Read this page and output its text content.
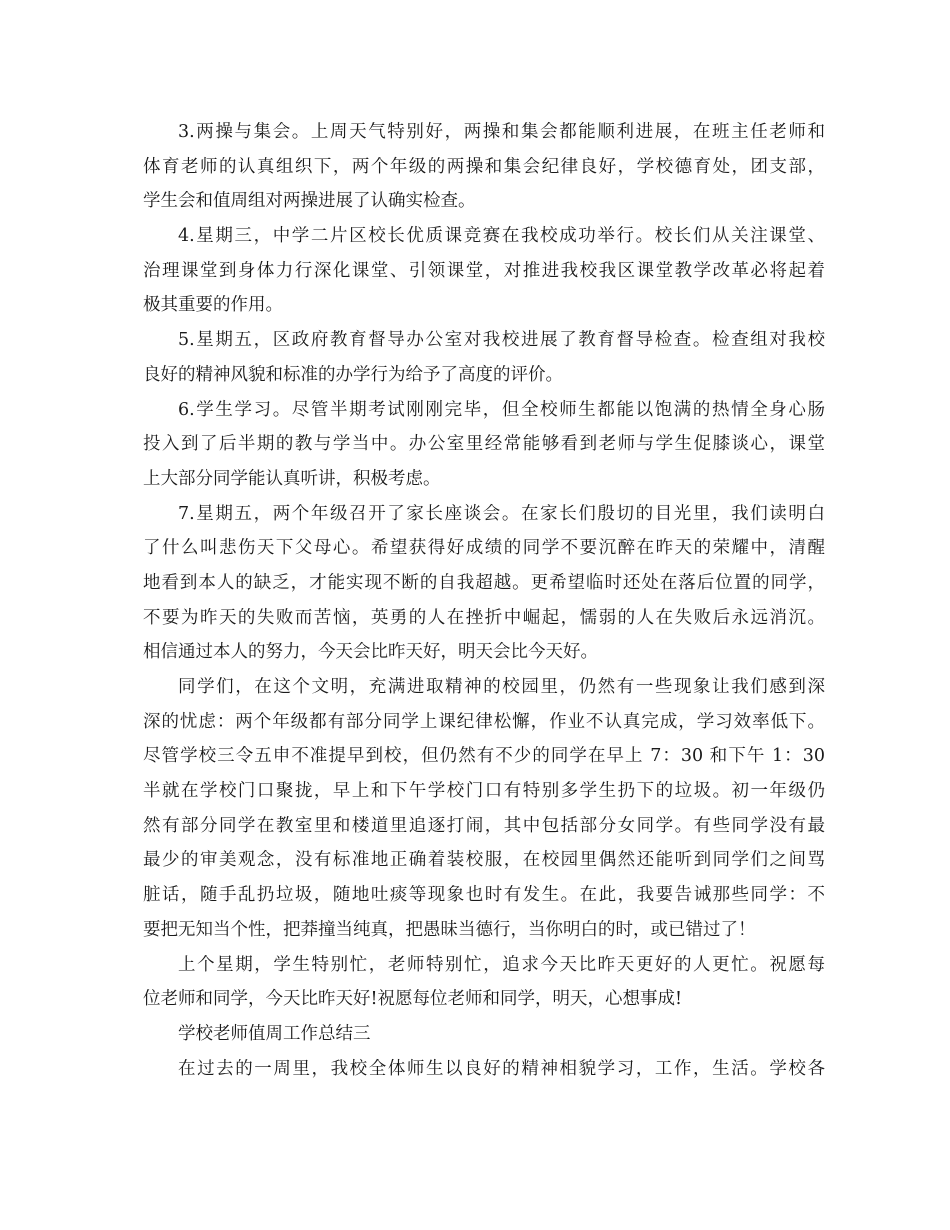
3.两操与集会。上周天气特别好，两操和集会都能顺利进展，在班主任老师和
体育老师的认真组织下，两个年级的两操和集会纪律良好，学校德育处，团支部，
学生会和值周组对两操进展了认确实检查。
4.星期三，中学二片区校长优质课竞赛在我校成功举行。校长们从关注课堂、
治理课堂到身体力行深化课堂、引领课堂，对推进我校我区课堂教学改革必将起着
极其重要的作用。
5.星期五，区政府教育督导办公室对我校进展了教育督导检查。检查组对我校
良好的精神风貌和标准的办学行为给予了高度的评价。
6.学生学习。尽管半期考试刚刚完毕，但全校师生都能以饱满的热情全身心肠
投入到了后半期的教与学当中。办公室里经常能够看到老师与学生促膝谈心，课堂
上大部分同学能认真听讲，积极考虑。
7.星期五，两个年级召开了家长座谈会。在家长们殷切的目光里，我们读明白
了什么叫悲伤天下父母心。希望获得好成绩的同学不要沉醉在昨天的荣耀中，清醒
地看到本人的缺乏，才能实现不断的自我超越。更希望临时还处在落后位置的同学，
不要为昨天的失败而苦恼，英勇的人在挫折中崛起，懦弱的人在失败后永远消沉。
相信通过本人的努力，今天会比昨天好，明天会比今天好。
同学们，在这个文明，充满进取精神的校园里，仍然有一些现象让我们感到深
深的忧虑：两个年级都有部分同学上课纪律松懈，作业不认真完成，学习效率低下。
尽管学校三令五申不准提早到校，但仍然有不少的同学在早上 7：30 和下午 1：30
半就在学校门口聚拢，早上和下午学校门口有特别多学生扔下的垃圾。初一年级仍
然有部分同学在教室里和楼道里追逐打闹，其中包括部分女同学。有些同学没有最
最少的审美观念，没有标准地正确着装校服，在校园里偶然还能听到同学们之间骂
脏话，随手乱扔垃圾，随地吐痰等现象也时有发生。在此，我要告诫那些同学：不
要把无知当个性，把莽撞当纯真，把愚昧当德行，当你明白的时，或已错过了！
上个星期，学生特别忙，老师特别忙，追求今天比昨天更好的人更忙。祝愿每
位老师和同学，今天比昨天好!祝愿每位老师和同学，明天，心想事成!
学校老师值周工作总结三
在过去的一周里，我校全体师生以良好的精神相貌学习，工作，生活。学校各
